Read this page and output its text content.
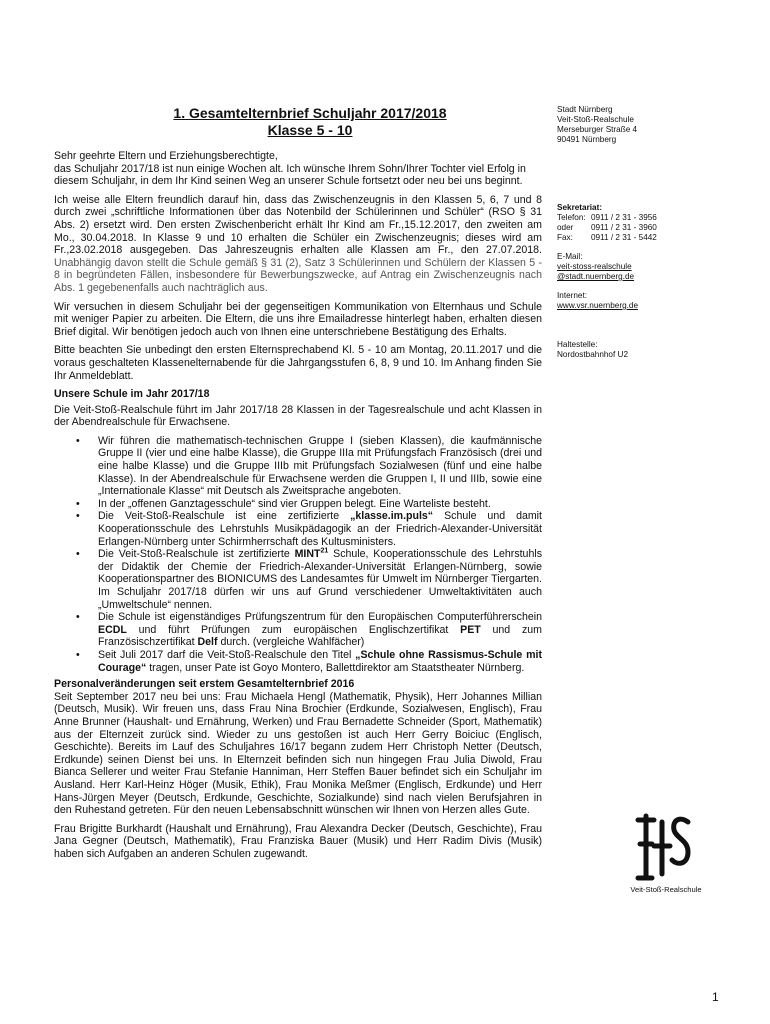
1. Gesamtelternbrief Schuljahr 2017/2018
Klasse 5 - 10
Stadt Nürnberg
Veit-Stoß-Realschule
Merseburger Straße 4
90491 Nürnberg
Sekretariat:
Telefon: 0911 / 2 31 - 3956
oder	0911 / 2 31 - 3960
Fax:	0911 / 2 31 - 5442
E-Mail:
veit-stoss-realschule
@stadt.nuernberg.de
Internet:
www.vsr.nuernberg.de
Haltestelle:
Nordostbahnhof U2

Sehr geehrte Eltern und Erziehungsberechtigte,
das Schuljahr 2017/18 ist nun einige Wochen alt. Ich wünsche Ihrem Sohn/Ihrer Tochter viel Erfolg in diesem Schuljahr, in dem Ihr Kind seinen Weg an unserer Schule fortsetzt oder neu bei uns beginnt.

Ich weise alle Eltern freundlich darauf hin, dass das Zwischenzeugnis in den Klassen 5, 6, 7 und 8 durch zwei „schriftliche Informationen über das Notenbild der Schülerinnen und Schüler“ (RSO § 31 Abs. 2) ersetzt wird. Den ersten Zwischenbericht erhält Ihr Kind am Fr.,15.12.2017, den zweiten am Mo., 30.04.2018. In Klasse 9 und 10 erhalten die Schüler ein Zwischenzeugnis; dieses wird am Fr.,23.02.2018 ausgegeben. Das Jahreszeugnis erhalten alle Klassen am Fr., den 27.07.2018. Unabhängig davon stellt die Schule gemäß § 31 (2), Satz 3 Schülerinnen und Schülern der Klassen 5 - 8 in begründeten Fällen, insbesondere für Bewerbungszwecke, auf Antrag ein Zwischenzeugnis nach Abs. 1 gegebenenfalls auch nachträglich aus.

Wir versuchen in diesem Schuljahr bei der gegenseitigen Kommunikation von Elternhaus und Schule mit weniger Papier zu arbeiten. Die Eltern, die uns ihre Emailadresse hinterlegt haben, erhalten diesen Brief digital. Wir benötigen jedoch auch von Ihnen eine unterschriebene Bestätigung des Erhalts.

Bitte beachten Sie unbedingt den ersten Elternsprechabend Kl. 5 - 10 am Montag, 20.11.2017 und die voraus geschalteten Klassenelternabende für die Jahrgangsstufen 6, 8, 9 und 10. Im Anhang finden Sie Ihr Anmeldeblatt.

Unsere Schule im Jahr 2017/18

Die Veit-Stoß-Realschule führt im Jahr 2017/18 28 Klassen in der Tagesrealschule und acht Klassen in der Abendrealschule für Erwachsene.

• Wir führen die mathematisch-technischen Gruppe I (sieben Klassen), die kaufmännische Gruppe II (vier und eine halbe Klasse), die Gruppe IIIa mit Prüfungsfach Französisch (drei und eine halbe Klasse) und die Gruppe IIIb mit Prüfungsfach Sozialwesen (fünf und eine halbe Klasse). In der Abendrealschule für Erwachsene werden die Gruppen I, II und IIIb, sowie eine „Internationale Klasse“ mit Deutsch als Zweitsprache angeboten.
• In der „offenen Ganztagesschule“ sind vier Gruppen belegt. Eine Warteliste besteht.
• Die Veit-Stoß-Realschule ist eine zertifizierte „klasse.im.puls“ Schule und damit Kooperationsschule des Lehrstuhls Musikpädagogik an der Friedrich-Alexander-Universität Erlangen-Nürnberg unter Schirmherrschaft des Kultusministers.
• Die Veit-Stoß-Realschule ist zertifizierte MINT$^{21}$ Schule, Kooperationsschule des Lehrstuhls der Didaktik der Chemie der Friedrich-Alexander-Universität Erlangen-Nürnberg, sowie Kooperationspartner des BIONICUMS des Landesamtes für Umwelt im Nürnberger Tiergarten. Im Schuljahr 2017/18 dürfen wir uns auf Grund verschiedener Umweltaktivitäten auch „Umweltschule“ nennen.
• Die Schule ist eigenständiges Prüfungszentrum für den Europäischen Computerführerschein ECDL und führt Prüfungen zum europäischen Englischzertifikat PET und zum Französischzertifikat Delf durch. (vergleiche Wahlfächer)
• Seit Juli 2017 darf die Veit-Stoß-Realschule den Titel „Schule ohne Rassismus-Schule mit Courage“ tragen, unser Pate ist Goyo Montero, Ballettdirektor am Staatstheater Nürnberg.
Personalveränderungen seit erstem Gesamtelternbrief 2016

Seit September 2017 neu bei uns: Frau Michaela Hengl (Mathematik, Physik), Herr Johannes Millian (Deutsch, Musik). Wir freuen uns, dass Frau Nina Brochier (Erdkunde, Sozialwesen, Englisch), Frau Anne Brunner (Haushalt- und Ernährung, Werken) und Frau Bernadette Schneider (Sport, Mathematik) aus der Elternzeit zurück sind. Wieder zu uns gestoßen ist auch Herr Gerry Boiciuc (Englisch, Geschichte). Bereits im Lauf des Schuljahres 16/17 begann zudem Herr Christoph Netter (Deutsch, Erdkunde) seinen Dienst bei uns. In Elternzeit befinden sich nun hingegen Frau Julia Diwold, Frau Bianca Sellerer und weiter Frau Stefanie Hanniman, Herr Steffen Bauer befindet sich ein Schuljahr im Ausland. Herr Karl-Heinz Höger (Musik, Ethik), Frau Monika Meßmer (Englisch, Erdkunde) und Herr Hans-Jürgen Meyer (Deutsch, Erdkunde, Geschichte, Sozialkunde) sind nach vielen Berufsjahren in den Ruhestand getreten. Für den neuen Lebensabschnitt wünschen wir Ihnen von Herzen alles Gute.

Frau Brigitte Burkhardt (Haushalt und Ernährung), Frau Alexandra Decker (Deutsch, Geschichte), Frau Jana Gegner (Deutsch, Mathematik), Frau Franziska Bauer (Musik) und Herr Radim Divis (Musik) haben sich Aufgaben an anderen Schulen zugewandt.

Veit-Stoß-Realschule
1
